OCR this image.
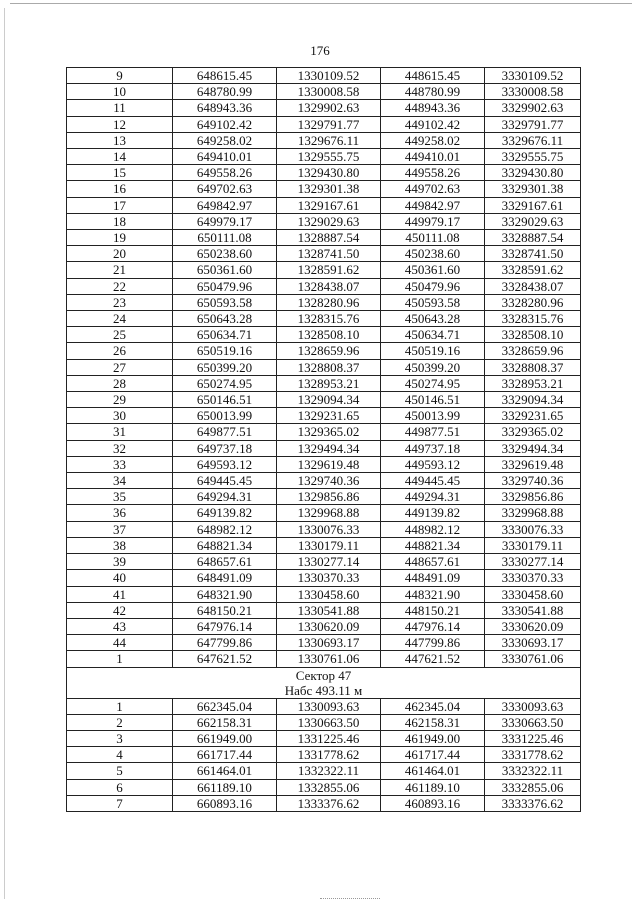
176
9	648615.45	1330109.52	448615.45	3330109.52
10	648780.99	1330008.58	448780.99	3330008.58
11	648943.36	1329902.63	448943.36	3329902.63
12	649102.42	1329791.77	449102.42	3329791.77
13	649258.02	1329676.11	449258.02	3329676.11
14	649410.01	1329555.75	449410.01	3329555.75
15	649558.26	1329430.80	449558.26	3329430.80
16	649702.63	1329301.38	449702.63	3329301.38
17	649842.97	1329167.61	449842.97	3329167.61
18	649979.17	1329029.63	449979.17	3329029.63
19	650111.08	1328887.54	450111.08	3328887.54
20	650238.60	1328741.50	450238.60	3328741.50
21	650361.60	1328591.62	450361.60	3328591.62
22	650479.96	1328438.07	450479.96	3328438.07
23	650593.58	1328280.96	450593.58	3328280.96
24	650643.28	1328315.76	450643.28	3328315.76
25	650634.71	1328508.10	450634.71	3328508.10
26	650519.16	1328659.96	450519.16	3328659.96
27	650399.20	1328808.37	450399.20	3328808.37
28	650274.95	1328953.21	450274.95	3328953.21
29	650146.51	1329094.34	450146.51	3329094.34
30	650013.99	1329231.65	450013.99	3329231.65
31	649877.51	1329365.02	449877.51	3329365.02
32	649737.18	1329494.34	449737.18	3329494.34
33	649593.12	1329619.48	449593.12	3329619.48
34	649445.45	1329740.36	449445.45	3329740.36
35	649294.31	1329856.86	449294.31	3329856.86
36	649139.82	1329968.88	449139.82	3329968.88
37	648982.12	1330076.33	448982.12	3330076.33
38	648821.34	1330179.11	448821.34	3330179.11
39	648657.61	1330277.14	448657.61	3330277.14
40	648491.09	1330370.33	448491.09	3330370.33
41	648321.90	1330458.60	448321.90	3330458.60
42	648150.21	1330541.88	448150.21	3330541.88
43	647976.14	1330620.09	447976.14	3330620.09
44	647799.86	1330693.17	447799.86	3330693.17
1	647621.52	1330761.06	447621.52	3330761.06

Сектор 47
Набс 493.11 м				

1	662345.04	1330093.63	462345.04	3330093.63
2	662158.31	1330663.50	462158.31	3330663.50
3	661949.00	1331225.46	461949.00	3331225.46
4	661717.44	1331778.62	461717.44	3331778.62
5	661464.01	1332322.11	461464.01	3332322.11
6	661189.10	1332855.06	461189.10	3332855.06
7	660893.16	1333376.62	460893.16	3333376.62
